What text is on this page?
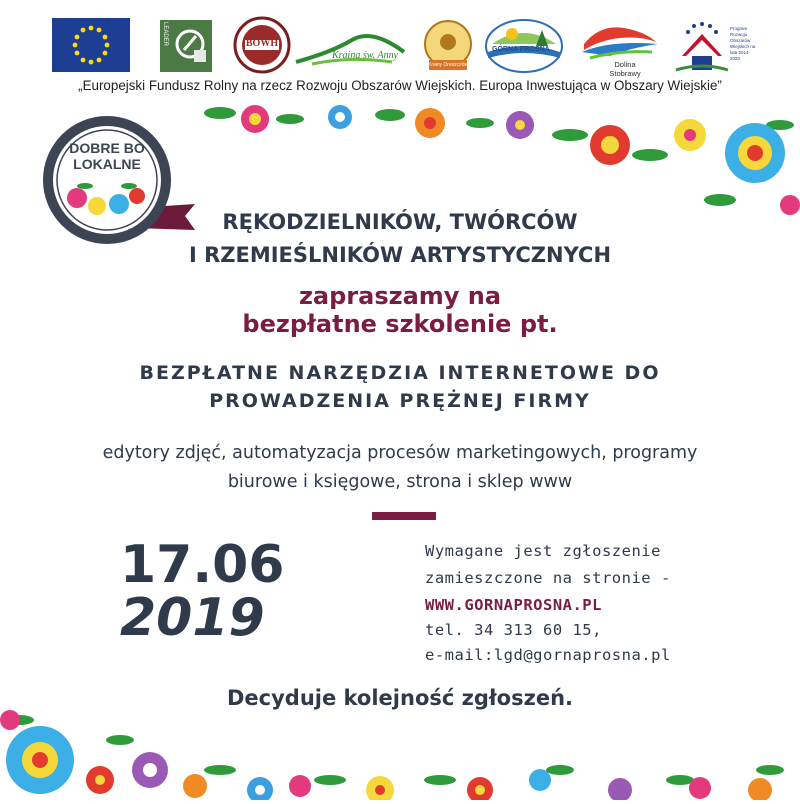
LEADER	BOWH
Kraina św. Anny
Krainy Dreszczów
GÓRNA PROSNA
Dolina Stobrawy
Program Rozwoju Obszarów Wiejskich na lata 2014-2020
„Europejski Fundusz Rolny na rzecz Rozwoju Obszarów Wiejskich. Europa Inwestująca w Obszary Wiejskie”
DOBRE BO
LOKALNE
RĘKODZIELNIKÓW, TWÓRCÓW
I RZEMIEŚLNIKÓW ARTYSTYCZNYCH
zapraszamy na
bezpłatne szkolenie pt.
BEZPŁATNE NARZĘDZIA INTERNETOWE DO
PROWADZENIA PRĘŻNEJ FIRMY
edytory zdjęć, automatyzacja procesów marketingowych, programy
biurowe i księgowe, strona i sklep www
17.06
2019
Wymagane jest zgłoszenie
zamieszczone na stronie -
WWW.GORNAPROSNA.PL
tel. 34 313 60 15,
e-mail:lgd@gornaprosna.pl
Decyduje kolejność zgłoszeń.
